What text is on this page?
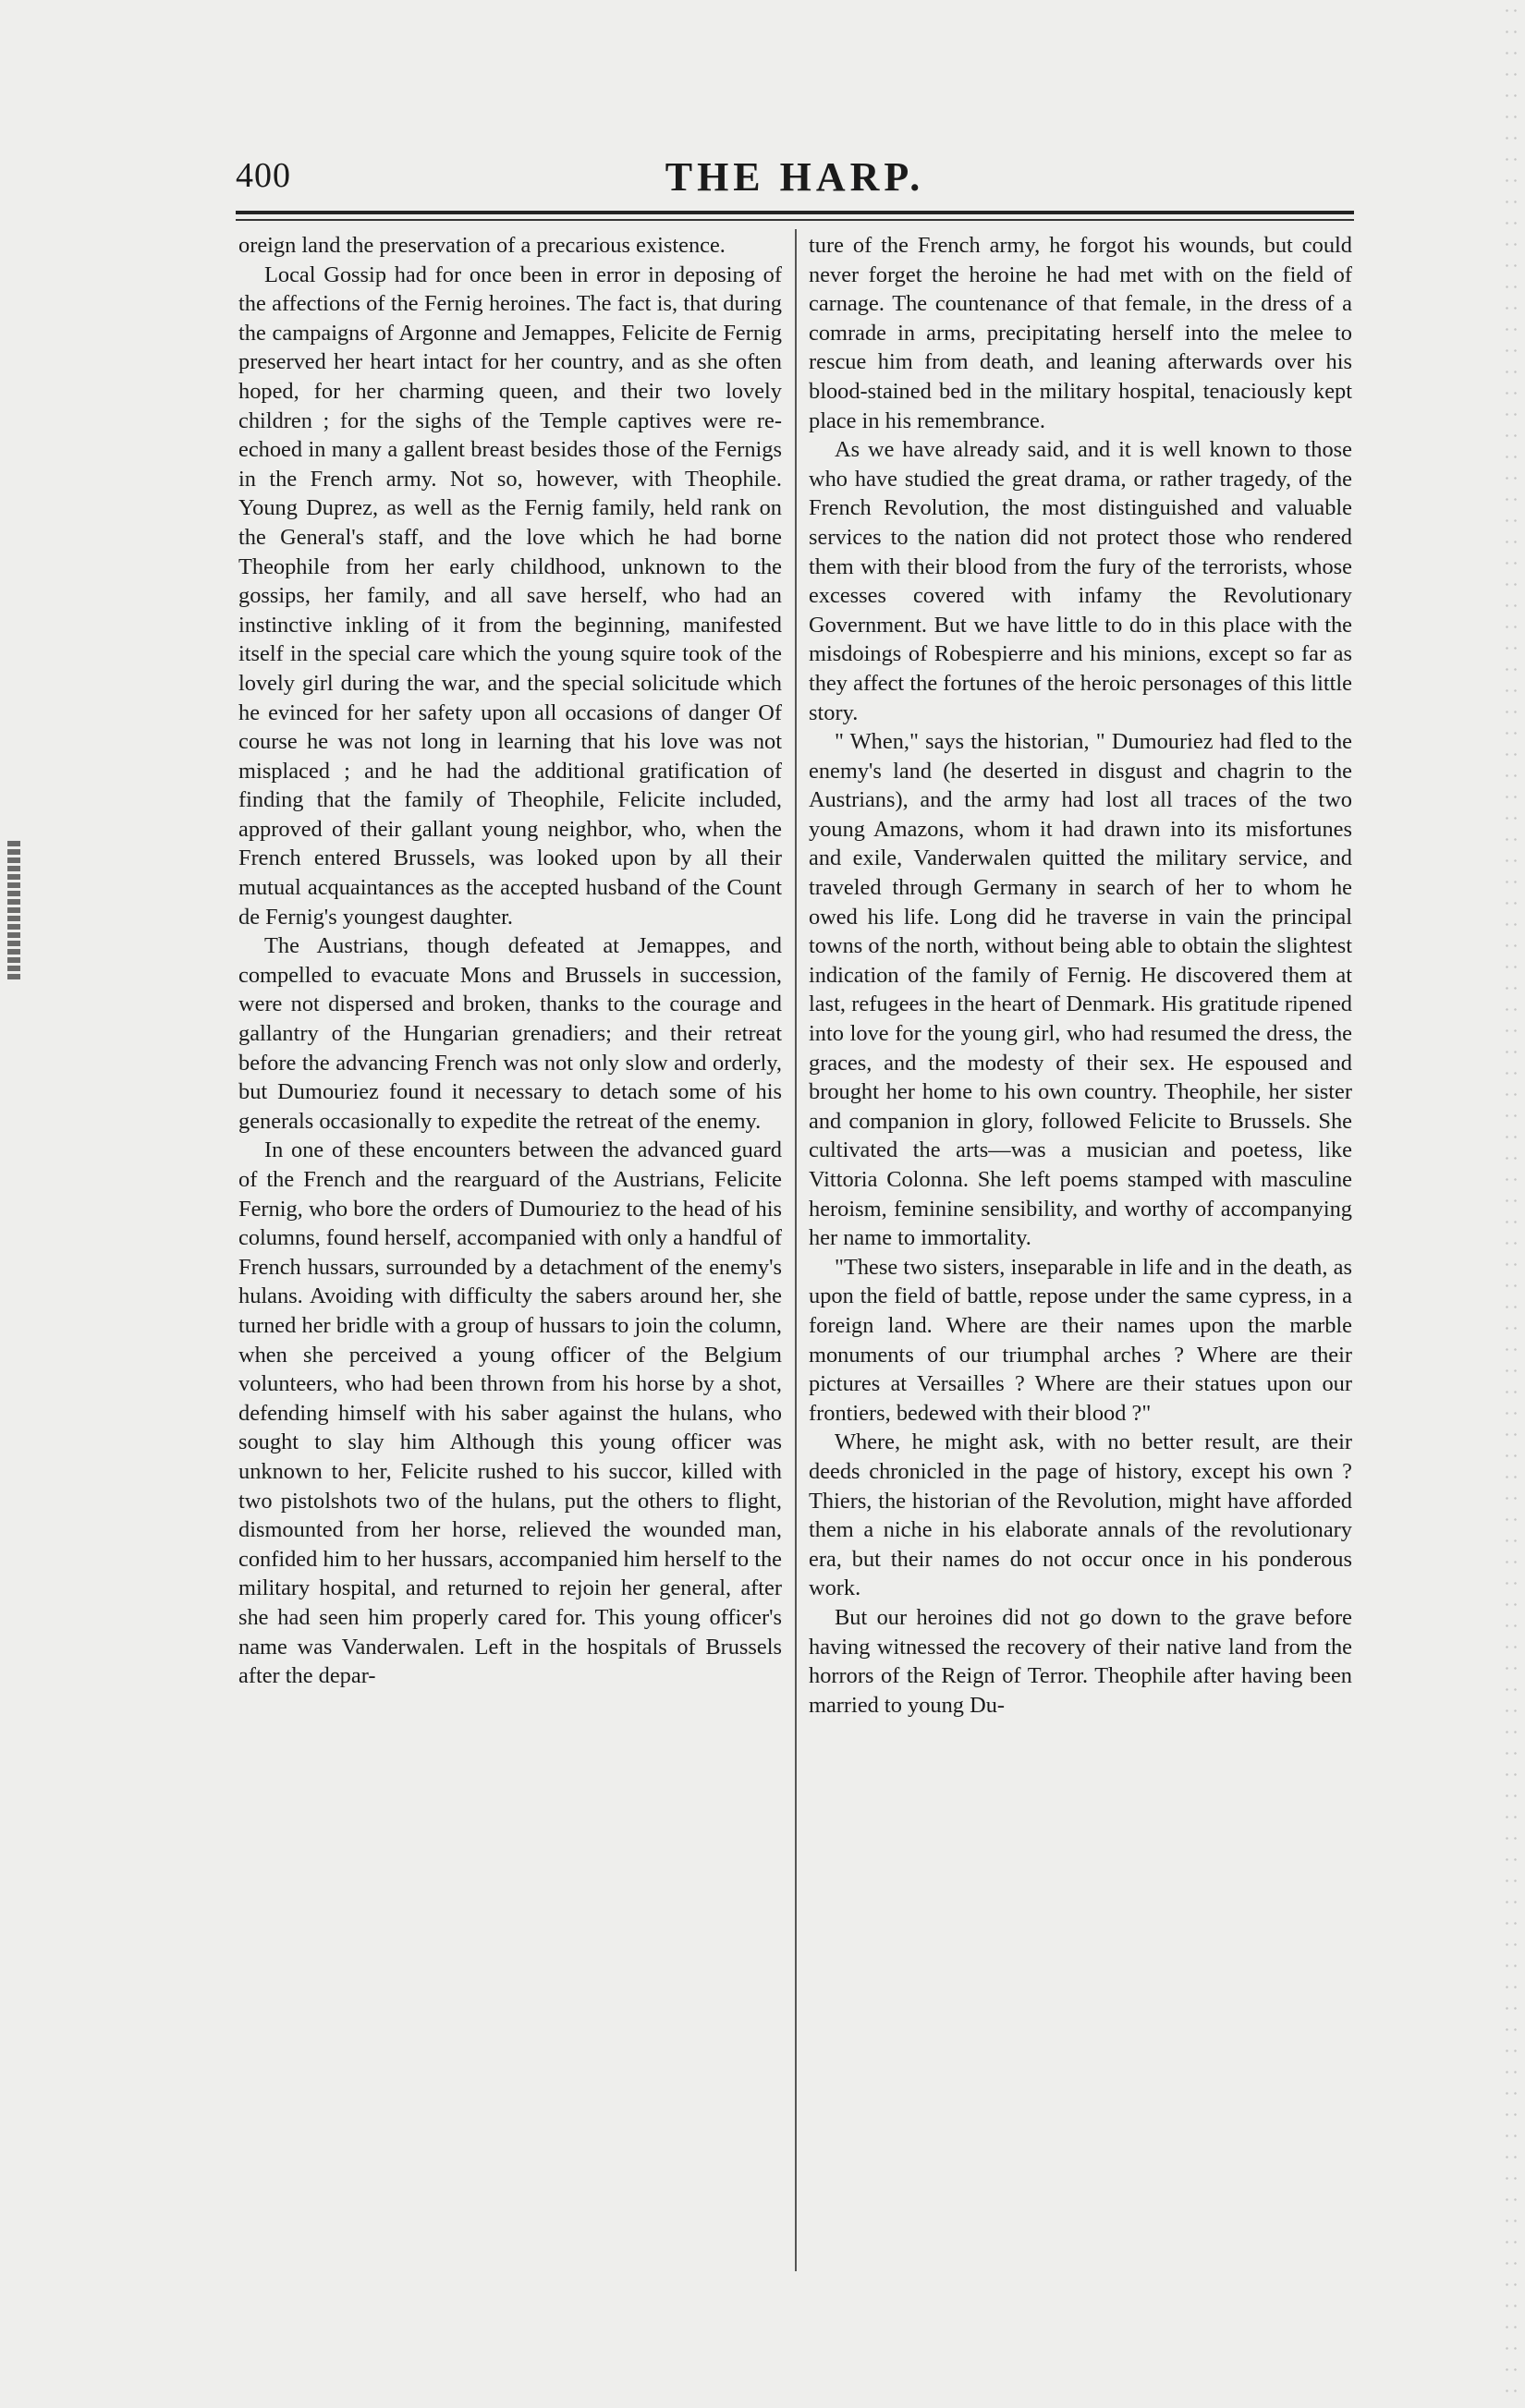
400	THE HARP.

oreign land the preservation of a precarious existence.

Local Gossip had for once been in error in deposing of the affections of the Fernig heroines. The fact is, that during the campaigns of Argonne and Jemappes, Felicite de Fernig preserved her heart intact for her country, and as she often hoped, for her charming queen, and their two lovely children ; for the sighs of the Temple captives were re-echoed in many a gallent breast besides those of the Fernigs in the French army. Not so, however, with Theophile. Young Duprez, as well as the Fernig family, held rank on the General's staff, and the love which he had borne Theophile from her early childhood, unknown to the gossips, her family, and all save herself, who had an instinctive inkling of it from the beginning, manifested itself in the special care which the young squire took of the lovely girl during the war, and the special solicitude which he evinced for her safety upon all occasions of danger Of course he was not long in learning that his love was not misplaced ; and he had the additional gratification of finding that the family of Theophile, Felicite included, approved of their gallant young neighbor, who, when the French entered Brussels, was looked upon by all their mutual acquaintances as the accepted husband of the Count de Fernig's youngest daughter.

The Austrians, though defeated at Jemappes, and compelled to evacuate Mons and Brussels in succession, were not dispersed and broken, thanks to the courage and gallantry of the Hungarian grenadiers; and their retreat before the advancing French was not only slow and orderly, but Dumouriez found it necessary to detach some of his generals occasionally to expedite the retreat of the enemy.

In one of these encounters between the advanced guard of the French and the rearguard of the Austrians, Felicite Fernig, who bore the orders of Dumouriez to the head of his columns, found herself, accompanied with only a handful of French hussars, surrounded by a detachment of the enemy's hulans. Avoiding with difficulty the sabers around her, she turned her bridle with a group of hussars to join the column, when she perceived a young officer of the Belgium volunteers, who had been thrown from his horse by a shot, defending himself with his saber against the hulans, who sought to slay him Although this young officer was unknown to her, Felicite rushed to his succor, killed with two pistolshots two of the hulans, put the others to flight, dismounted from her horse, relieved the wounded man, confided him to her hussars, accompanied him herself to the military hospital, and returned to rejoin her general, after she had seen him properly cared for. This young officer's name was Vanderwalen. Left in the hospitals of Brussels after the depar-

ture of the French army, he forgot his wounds, but could never forget the heroine he had met with on the field of carnage. The countenance of that female, in the dress of a comrade in arms, precipitating herself into the melee to rescue him from death, and leaning afterwards over his blood-stained bed in the military hospital, tenaciously kept place in his remembrance.

As we have already said, and it is well known to those who have studied the great drama, or rather tragedy, of the French Revolution, the most distinguished and valuable services to the nation did not protect those who rendered them with their blood from the fury of the terrorists, whose excesses covered with infamy the Revolutionary Government. But we have little to do in this place with the misdoings of Robespierre and his minions, except so far as they affect the fortunes of the heroic personages of this little story.

" When," says the historian, " Dumouriez had fled to the enemy's land (he deserted in disgust and chagrin to the Austrians), and the army had lost all traces of the two young Amazons, whom it had drawn into its misfortunes and exile, Vanderwalen quitted the military service, and traveled through Germany in search of her to whom he owed his life. Long did he traverse in vain the principal towns of the north, without being able to obtain the slightest indication of the family of Fernig. He discovered them at last, refugees in the heart of Denmark. His gratitude ripened into love for the young girl, who had resumed the dress, the graces, and the modesty of their sex. He espoused and brought her home to his own country. Theophile, her sister and companion in glory, followed Felicite to Brussels. She cultivated the arts—was a musician and poetess, like Vittoria Colonna. She left poems stamped with masculine heroism, feminine sensibility, and worthy of accompanying her name to immortality.

"These two sisters, inseparable in life and in the death, as upon the field of battle, repose under the same cypress, in a foreign land. Where are their names upon the marble monuments of our triumphal arches ? Where are their pictures at Versailles ? Where are their statues upon our frontiers, bedewed with their blood ?"

Where, he might ask, with no better result, are their deeds chronicled in the page of history, except his own ? Thiers, the historian of the Revolution, might have afforded them a niche in his elaborate annals of the revolutionary era, but their names do not occur once in his ponderous work.

But our heroines did not go down to the grave before having witnessed the recovery of their native land from the horrors of the Reign of Terror. Theophile after having been married to young Du-
